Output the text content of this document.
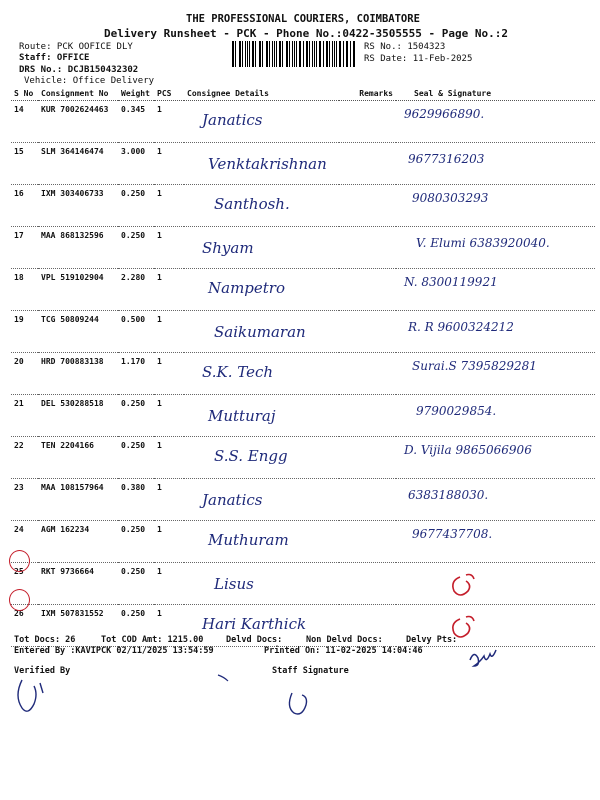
THE PROFESSIONAL COURIERS, COIMBATORE
Delivery Runsheet - PCK - Phone No.:0422-3505555 - Page No.:2
Route: PCK OOFICE DLY
Staff: OFFICE
DRS No.: DCJB150432302
Vehicle: Office Delivery
RS No.: 1504323
RS Date: 11-Feb-2025
S No	Consignment No	Weight	PCS	Consignee Details	Remarks	Seal & Signature
14	KUR 7002624463	0.345	1	Janatics		9629966890.

15	SLM 364146474	3.000	1	Venktakrishnan		9677316203

16	IXM 303406733	0.250	1	Santhosh.		9080303293

17	MAA 868132596	0.250	1	Shyam		V. Elumi 6383920040.

18	VPL 519102904	2.280	1	Nampetro		N. 8300119921

19	TCG 50809244	0.500	1	Saikumaran		R. R 9600324212

20	HRD 700883138	1.170	1	S.K. Tech		Surai.S 7395829281

21	DEL 530288518	0.250	1	Mutturaj		9790029854.

22	TEN 2204166	0.250	1	S.S. Engg		D. Vijila 9865066906

23	MAA 108157964	0.380	1	Janatics		6383188030.

24	AGM 162234	0.250	1	Muthuram		9677437708.

25	RKT 9736664	0.250	1	Lisus

26	IXM 507831552	0.250	1	Hari Karthick

Tot Docs: 26	Tot COD Amt: 1215.00	Delvd Docs:	Non Delvd Docs:	Delvy Pts:
Entered By :KAVIPCK 02/11/2025 13:54:59	Printed On: 11-02-2025 14:04:46
Verified By	Staff Signature
